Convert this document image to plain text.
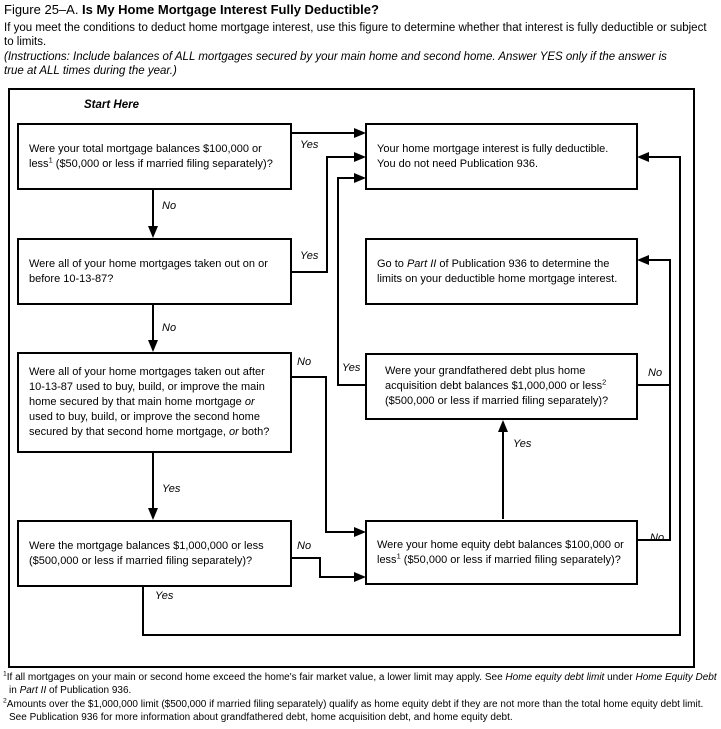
Figure 25–A. Is My Home Mortgage Interest Fully Deductible?
If you meet the conditions to deduct home mortgage interest, use this figure to determine whether that interest is fully deductible or subject to limits.
(Instructions: Include balances of ALL mortgages secured by your main home and second home. Answer YES only if the answer is true at ALL times during the year.)
Start Here
Were your total mortgage balances $100,000 or less$^1$ ($50,000 or less if married filing separately)?
Your home mortgage interest is fully deductible. You do not need Publication 936.
Were all of your home mortgages taken out on or before 10-13-87?
Go to Part II of Publication 936 to determine the limits on your deductible home mortgage interest.
Were all of your home mortgages taken out after 10-13-87 used to buy, build, or improve the main home secured by that main home mortgage or used to buy, build, or improve the second home secured by that second home mortgage, or both?
Were your grandfathered debt plus home acquisition debt balances $1,000,000 or less$^2$ ($500,000 or less if married filing separately)?
Were the mortgage balances $1,000,000 or less ($500,000 or less if married filing separately)?
Were your home equity debt balances $100,000 or less$^1$ ($50,000 or less if married filing separately)?
Yes
No
Yes
No
No	Yes	No
Yes
Yes
No
No
Yes
$^1$If all mortgages on your main or second home exceed the home's fair market value, a lower limit may apply. See Home equity debt limit under Home Equity Debt in Part II of Publication 936.
$^2$Amounts over the $1,000,000 limit ($500,000 if married filing separately) qualify as home equity debt if they are not more than the total home equity debt limit. See Publication 936 for more information about grandfathered debt, home acquisition debt, and home equity debt.
